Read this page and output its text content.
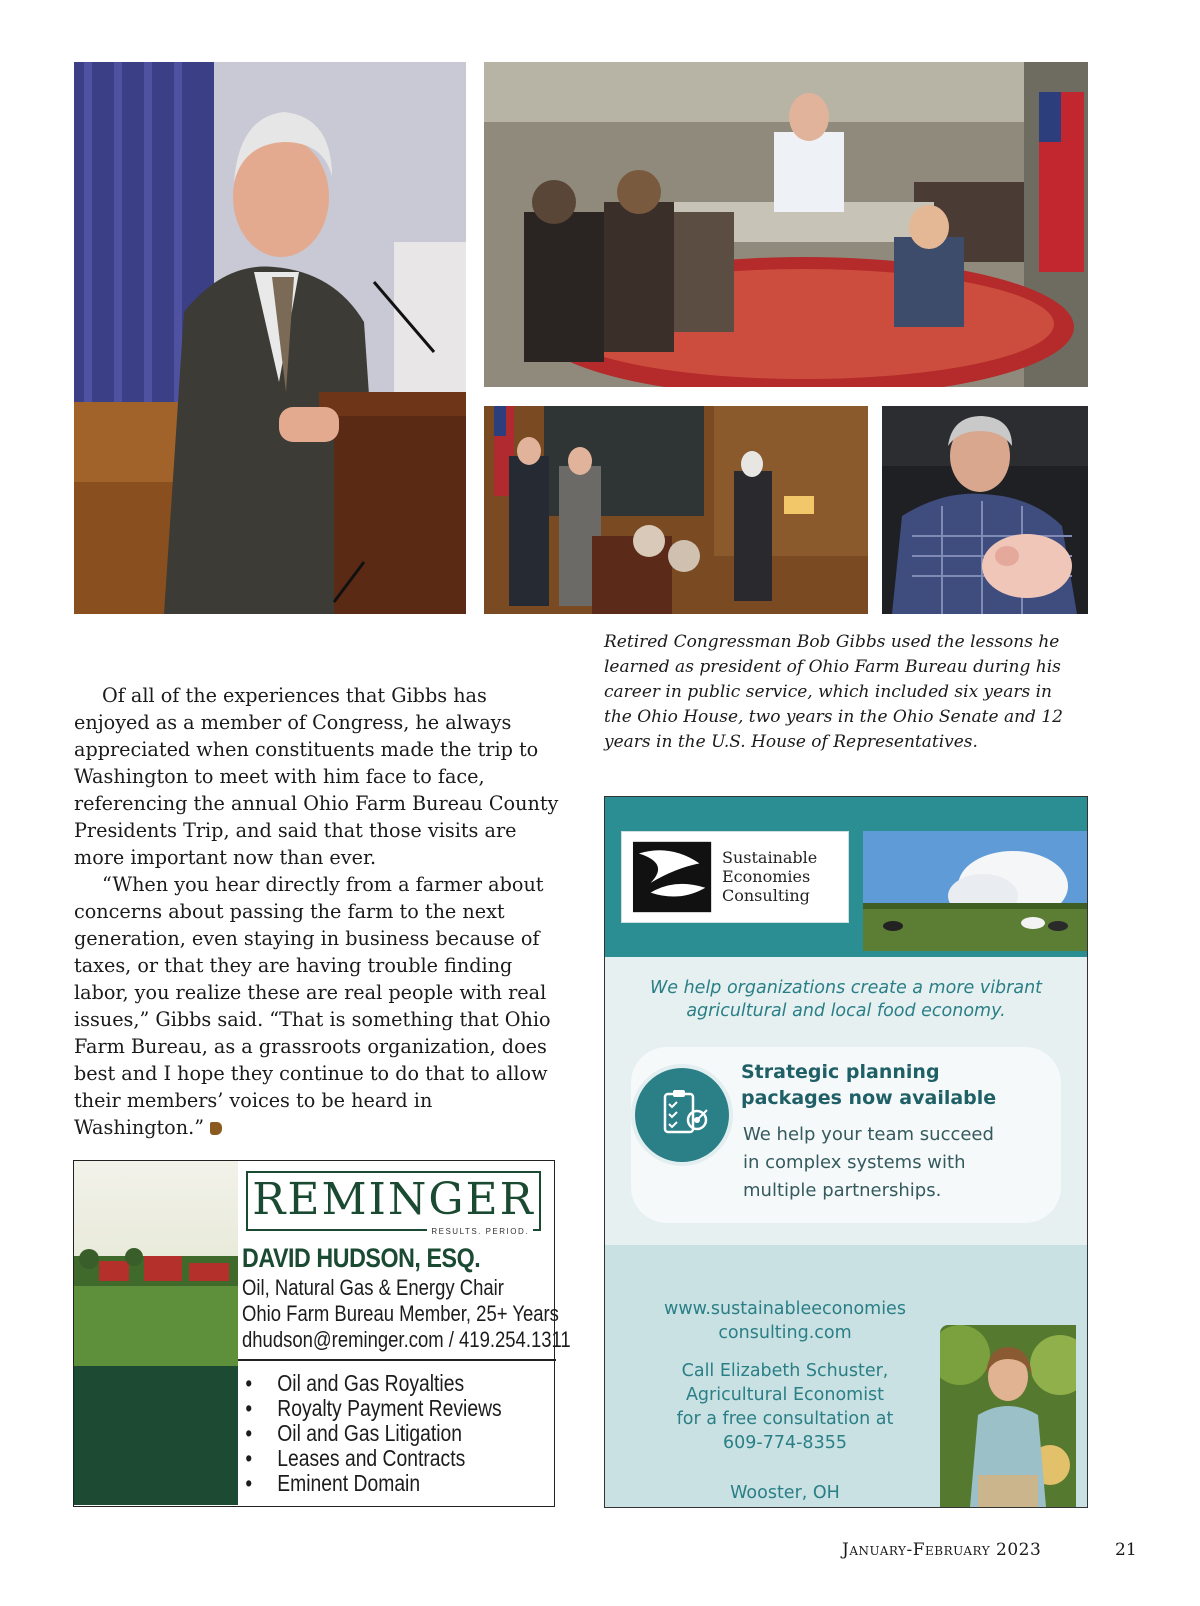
Retired Congressman Bob Gibbs used the lessons he learned as president of Ohio Farm Bureau during his career in public service, which included six years in the Ohio House, two years in the Ohio Senate and 12 years in the U.S. House of Representatives.

Of all of the experiences that Gibbs has enjoyed as a member of Congress, he always appreciated when constituents made the trip to Washington to meet with him face to face, referencing the annual Ohio Farm Bureau County Presidents Trip, and said that those visits are more important now than ever.

“When you hear directly from a farmer about concerns about passing the farm to the next generation, even staying in business because of taxes, or that they are having trouble finding labor, you realize these are real people with real issues,” Gibbs said. “That is something that Ohio Farm Bureau, as a grassroots organization, does best and I hope they continue to do that to allow their members’ voices to be heard in Washington.”

REMINGER
RESULTS. PERIOD.
DAVID HUDSON, ESQ.
Oil, Natural Gas & Energy Chair
Ohio Farm Bureau Member, 25+ Years
dhudson@reminger.com / 419.254.1311
• Oil and Gas Royalties
• Royalty Payment Reviews
• Oil and Gas Litigation
• Leases and Contracts
• Eminent Domain
Sustainable
Economies
Consulting
We help organizations create a more vibrant
agricultural and local food economy.
Strategic planning
packages now available
We help your team succeed
in complex systems with
multiple partnerships.
www.sustainableeconomies
consulting.com
Call Elizabeth Schuster,
Agricultural Economist
for a free consultation at
609-774-8355
Wooster, OH
January-February 2023	21
